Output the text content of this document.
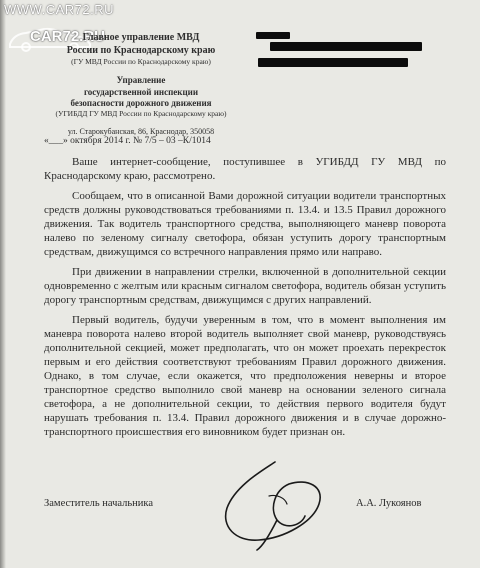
WWW.CAR72.RU
CAR72.RU
Главное управление МВД
России по Краснодарскому краю
(ГУ МВД России по Краснодарскому краю)
Управление
государственной инспекции
безопасности дорожного движения
(УГИБДД ГУ МВД России по Краснодарскому краю)
ул. Старокубанская, 86, Краснодар, 350058
«___» октября 2014 г. № 7/5 – 03 –К/1014

Ваше интернет-сообщение, поступившее в УГИБДД ГУ МВД по Краснодарскому краю, рассмотрено.

Сообщаем, что в описанной Вами дорожной ситуации водители транспортных средств должны руководствоваться требованиями п. 13.4. и 13.5 Правил дорожного движения. Так водитель транспортного средства, выполняющего маневр поворота налево по зеленому сигналу светофора, обязан уступить дорогу транспортным средствам, движущимся со встречного направления прямо или направо.

При движении в направлении стрелки, включенной в дополнительной секции одновременно с желтым или красным сигналом светофора, водитель обязан уступить дорогу транспортным средствам, движущимся с других направлений.

Первый водитель, будучи уверенным в том, что в момент выполнения им маневра поворота налево второй водитель выполняет свой маневр, руководствуясь дополнительной секцией, может предполагать, что он может проехать перекресток первым и его действия соответствуют требованиям Правил дорожного движения. Однако, в том случае, если окажется, что предположения неверны и второе транспортное средство выполнило свой маневр на основании зеленого сигнала светофора, а не дополнительной секции, то действия первого водителя будут нарушать требования п. 13.4. Правил дорожного движения и в случае дорожно-транспортного происшествия его виновником будет признан он.

Заместитель начальника	А.А. Лукоянов
